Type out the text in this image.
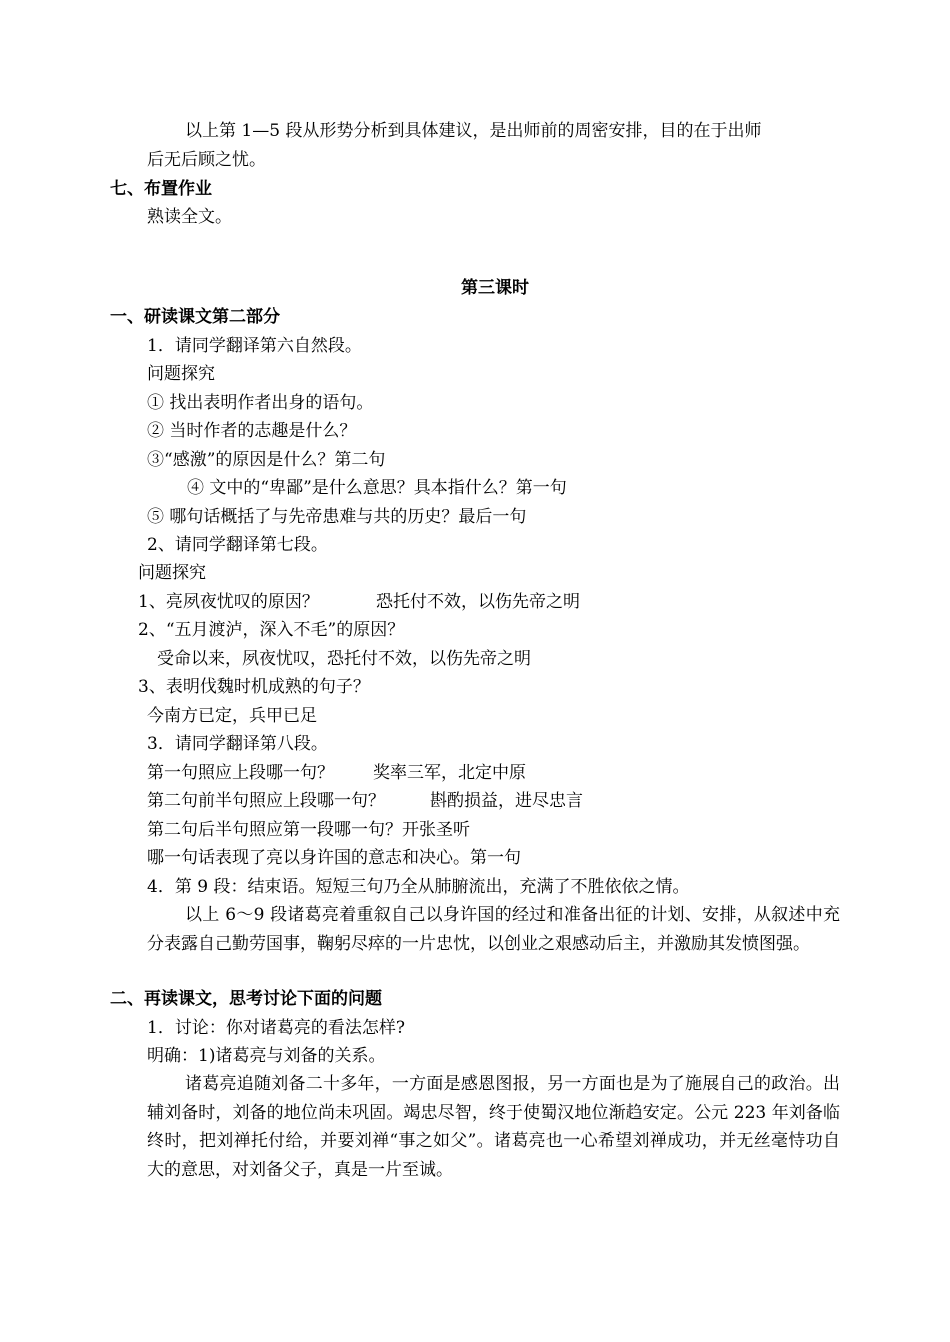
以上第 1—5 段从形势分析到具体建议，是出师前的周密安排，目的在于出师
后无后顾之忧。
七、布置作业
熟读全文。
第三课时
一、研读课文第二部分
1．请同学翻译第六自然段。
问题探究
① 找出表明作者出身的语句。
② 当时作者的志趣是什么？
③“感激”的原因是什么？第二句
④ 文中的“卑鄙”是什么意思？具本指什么？第一句
⑤ 哪句话概括了与先帝患难与共的历史？最后一句
2、请同学翻译第七段。
问题探究
1、亮夙夜忧叹的原因？	恐托付不效，以伤先帝之明
2、“五月渡泸，深入不毛”的原因？
受命以来，夙夜忧叹，恐托付不效，以伤先帝之明
3、表明伐魏时机成熟的句子？
今南方已定，兵甲已足
3．请同学翻译第八段。
第一句照应上段哪一句？ 奖率三军，北定中原
第二句前半句照应上段哪一句？	斟酌损益，进尽忠言
第二句后半句照应第一段哪一句？开张圣听
哪一句话表现了亮以身许国的意志和决心。第一句
4．第 9 段：结束语。短短三句乃全从肺腑流出，充满了不胜依依之情。
以上 6～9 段诸葛亮着重叙自己以身许国的经过和准备出征的计划、安排，从叙述中充分表露自己勤劳国事，鞠躬尽瘁的一片忠忱，以创业之艰感动后主，并激励其发愤图强。
二、再读课文，思考讨论下面的问题
1．讨论：你对诸葛亮的看法怎样?
明确：1)诸葛亮与刘备的关系。
诸葛亮追随刘备二十多年，一方面是感恩图报，另一方面也是为了施展自己的政治。出辅刘备时，刘备的地位尚未巩固。竭忠尽智，终于使蜀汉地位渐趋安定。公元 223 年刘备临终时，把刘禅托付给，并要刘禅“事之如父”。诸葛亮也一心希望刘禅成功，并无丝毫恃功自大的意思，对刘备父子，真是一片至诚。
